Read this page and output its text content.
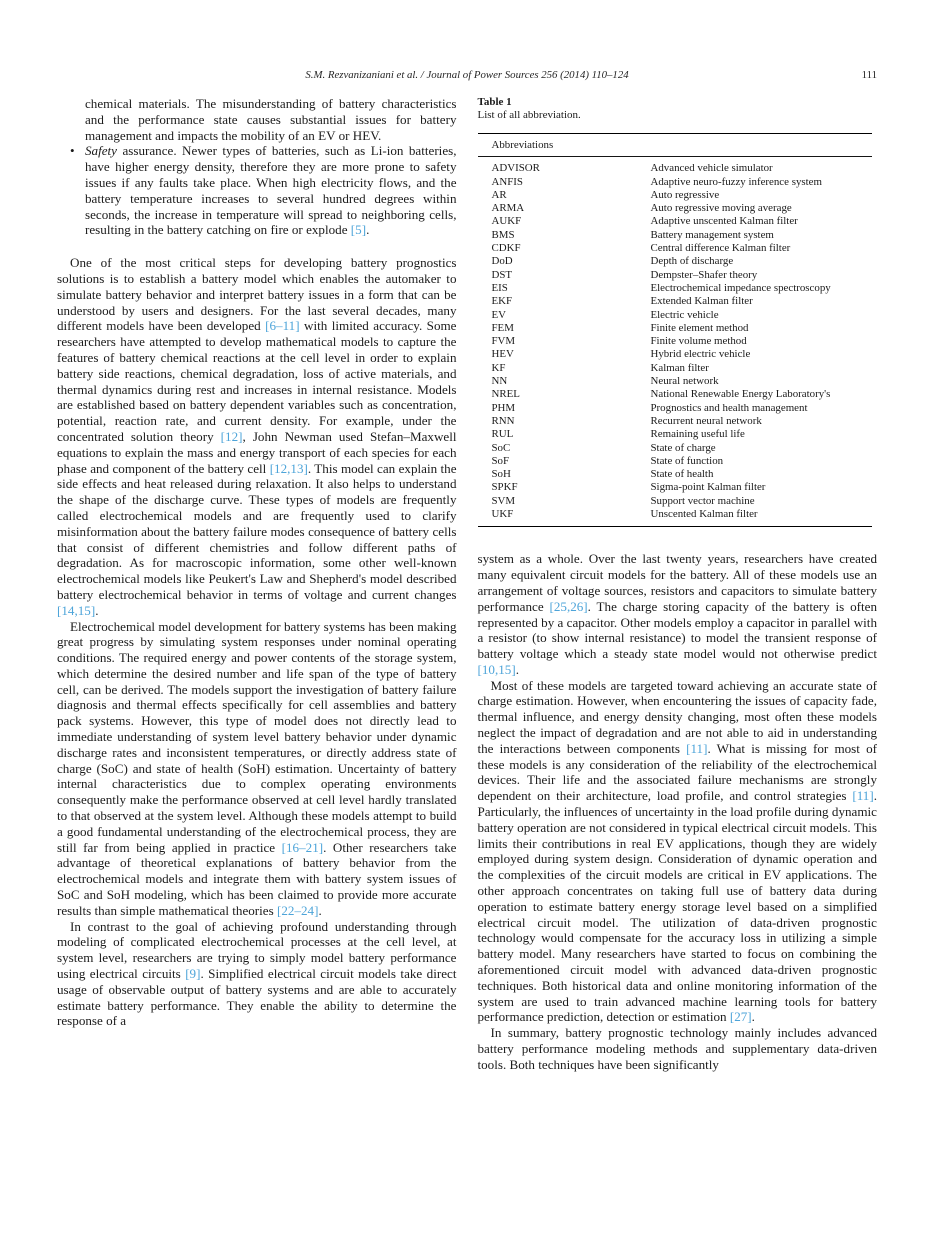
S.M. Rezvanizaniani et al. / Journal of Power Sources 256 (2014) 110–124	111
chemical materials. The misunderstanding of battery characteristics and the performance state causes substantial issues for battery management and impacts the mobility of an EV or HEV.
• Safety assurance. Newer types of batteries, such as Li-ion batteries, have higher energy density, therefore they are more prone to safety issues if any faults take place. When high electricity flows, and the battery temperature increases to several hundred degrees within seconds, the increase in temperature will spread to neighboring cells, resulting in the battery catching on fire or explode [5].

One of the most critical steps for developing battery prognostics solutions is to establish a battery model which enables the automaker to simulate battery behavior and interpret battery issues in a form that can be understood by users and designers. For the last several decades, many different models have been developed [6–11] with limited accuracy. Some researchers have attempted to develop mathematical models to capture the features of battery chemical reactions at the cell level in order to explain battery side reactions, chemical degradation, loss of active materials, and thermal dynamics during rest and increases in internal resistance. Models are established based on battery dependent variables such as concentration, potential, reaction rate, and current density. For example, under the concentrated solution theory [12], John Newman used Stefan–Maxwell equations to explain the mass and energy transport of each species for each phase and component of the battery cell [12,13]. This model can explain the side effects and heat released during relaxation. It also helps to understand the shape of the discharge curve. These types of models are frequently called electrochemical models and are frequently used to clarify misinformation about the battery failure modes consequence of battery cells that consist of different chemistries and follow different paths of degradation. As for macroscopic information, some other well-known electrochemical models like Peukert's Law and Shepherd's model described battery electrochemical behavior in terms of voltage and current changes [14,15].

Electrochemical model development for battery systems has been making great progress by simulating system responses under nominal operating conditions. The required energy and power contents of the storage system, which determine the desired number and life span of the type of battery cell, can be derived. The models support the investigation of battery failure diagnosis and thermal effects specifically for cell assemblies and battery pack systems. However, this type of model does not directly lead to immediate understanding of system level battery behavior under dynamic discharge rates and inconsistent temperatures, or directly address state of charge (SoC) and state of health (SoH) estimation. Uncertainty of battery internal characteristics due to complex operating environments consequently make the performance observed at cell level hardly translated to that observed at the system level. Although these models attempt to build a good fundamental understanding of the electrochemical process, they are still far from being applied in practice [16–21]. Other researchers take advantage of theoretical explanations of battery behavior from the electrochemical models and integrate them with battery system issues of SoC and SoH modeling, which has been claimed to provide more accurate results than simple mathematical theories [22–24].

In contrast to the goal of achieving profound understanding through modeling of complicated electrochemical processes at the cell level, at system level, researchers are trying to simply model battery performance using electrical circuits [9]. Simplified electrical circuit models take direct usage of observable output of battery systems and are able to accurately estimate battery performance. They enable the ability to determine the response of a

Table 1
List of all abbreviation.
Abbreviations
ADVISOR	Advanced vehicle simulator
ANFIS	Adaptive neuro-fuzzy inference system
AR	Auto regressive
ARMA	Auto regressive moving average
AUKF	Adaptive unscented Kalman filter
BMS	Battery management system
CDKF	Central difference Kalman filter
DoD	Depth of discharge
DST	Dempster–Shafer theory
EIS	Electrochemical impedance spectroscopy
EKF	Extended Kalman filter
EV	Electric vehicle
FEM	Finite element method
FVM	Finite volume method
HEV	Hybrid electric vehicle
KF	Kalman filter
NN	Neural network
NREL	National Renewable Energy Laboratory's
PHM	Prognostics and health management
RNN	Recurrent neural network
RUL	Remaining useful life
SoC	State of charge
SoF	State of function
SoH	State of health
SPKF	Sigma-point Kalman filter
SVM	Support vector machine
UKF	Unscented Kalman filter

system as a whole. Over the last twenty years, researchers have created many equivalent circuit models for the battery. All of these models use an arrangement of voltage sources, resistors and capacitors to simulate battery performance [25,26]. The charge storing capacity of the battery is often represented by a capacitor. Other models employ a capacitor in parallel with a resistor (to show internal resistance) to model the transient response of battery voltage which a steady state model would not otherwise predict [10,15].

Most of these models are targeted toward achieving an accurate state of charge estimation. However, when encountering the issues of capacity fade, thermal influence, and energy density changing, most often these models neglect the impact of degradation and are not able to aid in understanding the interactions between components [11]. What is missing for most of these models is any consideration of the reliability of the electrochemical devices. Their life and the associated failure mechanisms are strongly dependent on their architecture, load profile, and control strategies [11]. Particularly, the influences of uncertainty in the load profile during dynamic battery operation are not considered in typical electrical circuit models. This limits their contributions in real EV applications, though they are widely employed during system design. Consideration of dynamic operation and the complexities of the circuit models are critical in EV applications. The other approach concentrates on taking full use of battery data during operation to estimate battery energy storage level based on a simplified electrical circuit model. The utilization of data-driven prognostic technology would compensate for the accuracy loss in utilizing a simple battery model. Many researchers have started to focus on combining the aforementioned circuit model with advanced data-driven prognostic techniques. Both historical data and online monitoring information of the system are used to train advanced machine learning tools for battery performance prediction, detection or estimation [27].

In summary, battery prognostic technology mainly includes advanced battery performance modeling methods and supplementary data-driven tools. Both techniques have been significantly
